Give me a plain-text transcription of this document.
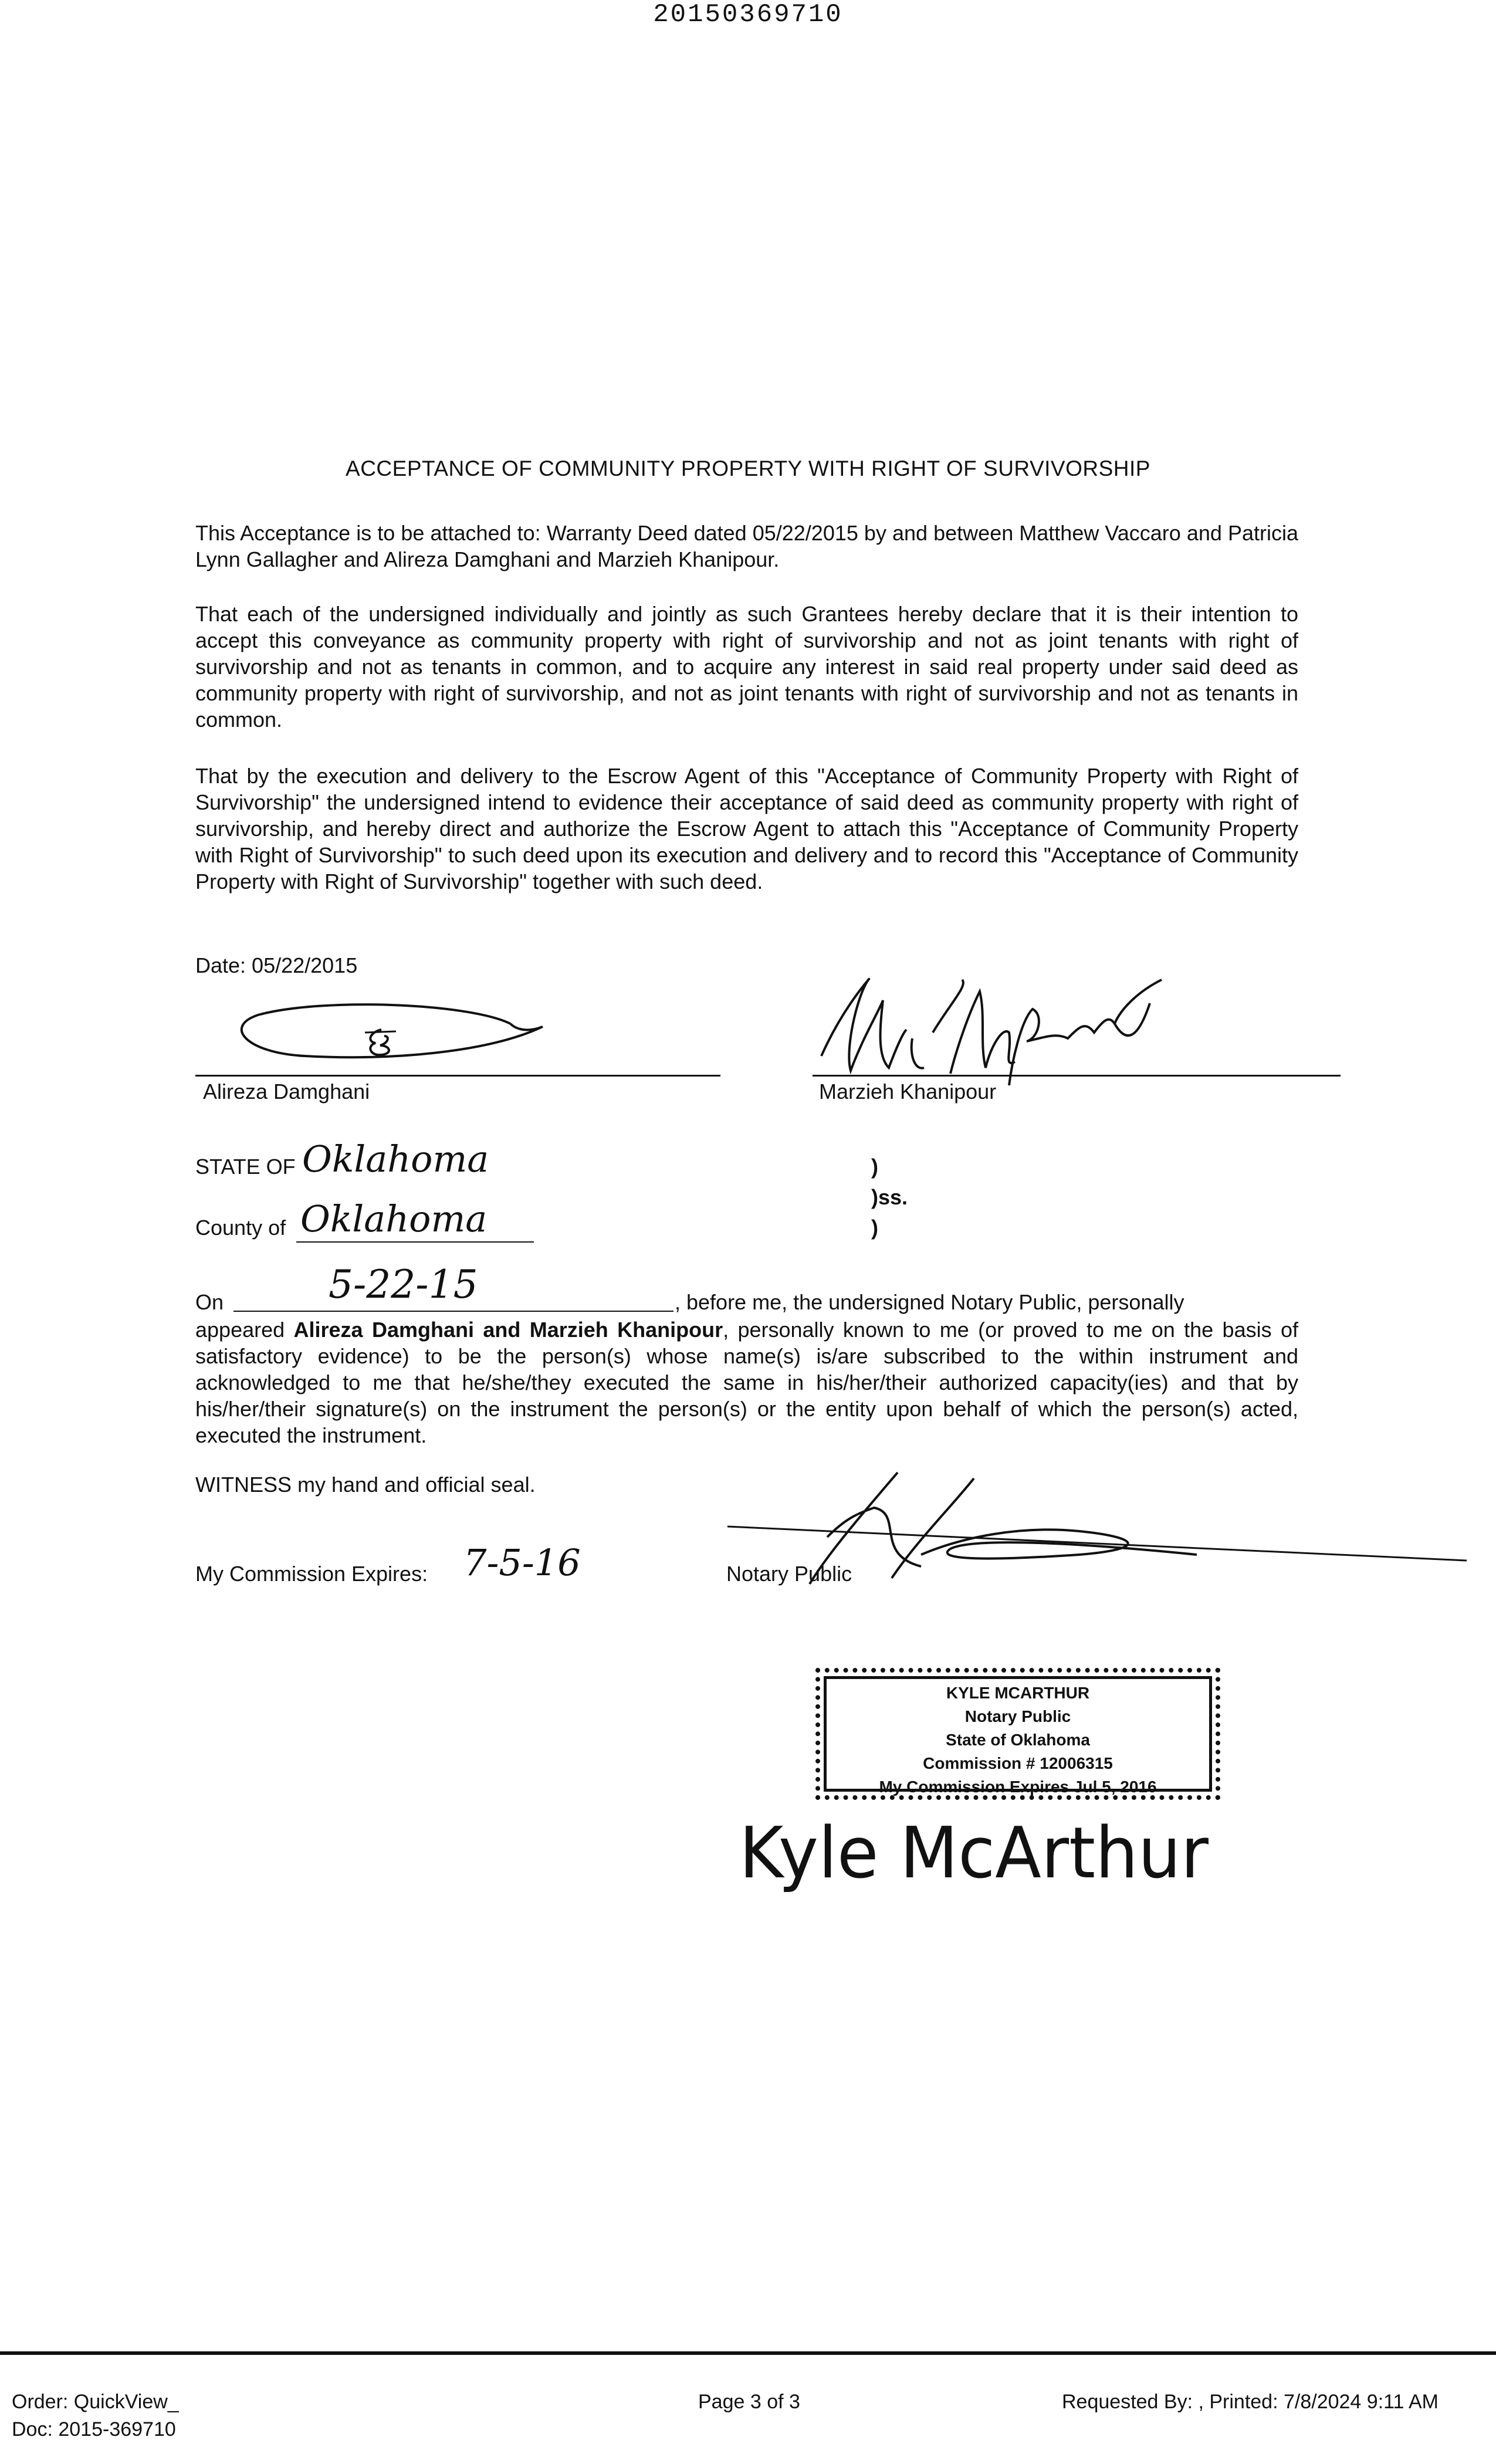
20150369710
ACCEPTANCE OF COMMUNITY PROPERTY WITH RIGHT OF SURVIVORSHIP
This Acceptance is to be attached to: Warranty Deed dated 05/22/2015 by and between Matthew Vaccaro and Patricia Lynn Gallagher and Alireza Damghani and Marzieh Khanipour.
That each of the undersigned individually and jointly as such Grantees hereby declare that it is their intention to accept this conveyance as community property with right of survivorship and not as joint tenants with right of survivorship and not as tenants in common, and to acquire any interest in said real property under said deed as community property with right of survivorship, and not as joint tenants with right of survivorship and not as tenants in common.
That by the execution and delivery to the Escrow Agent of this "Acceptance of Community Property with Right of Survivorship" the undersigned intend to evidence their acceptance of said deed as community property with right of survivorship, and hereby direct and authorize the Escrow Agent to attach this "Acceptance of Community Property with Right of Survivorship" to such deed upon its execution and delivery and to record this "Acceptance of Community Property with Right of Survivorship" together with such deed.
Date: 05/22/2015
Alireza Damghani	Marzieh Khanipour
STATE OF Oklahoma
County of Oklahoma
)
)ss.
)
On	5-22-15	, before me, the undersigned Notary Public, personally
appeared Alireza Damghani and Marzieh Khanipour, personally known to me (or proved to me on the basis of satisfactory evidence) to be the person(s) whose name(s) is/are subscribed to the within instrument and acknowledged to me that he/she/they executed the same in his/her/their authorized capacity(ies) and that by his/her/their signature(s) on the instrument the person(s) or the entity upon behalf of which the person(s) acted, executed the instrument.
WITNESS my hand and official seal.
My Commission Expires: 7-5-16	Notary Public
KYLE MCARTHUR
Notary Public
State of Oklahoma
Commission # 12006315
My Commission Expires Jul 5, 2016
Kyle McArthur
Order: QuickView_
Doc: 2015-369710
Page 3 of 3	Requested By: , Printed: 7/8/2024 9:11 AM
